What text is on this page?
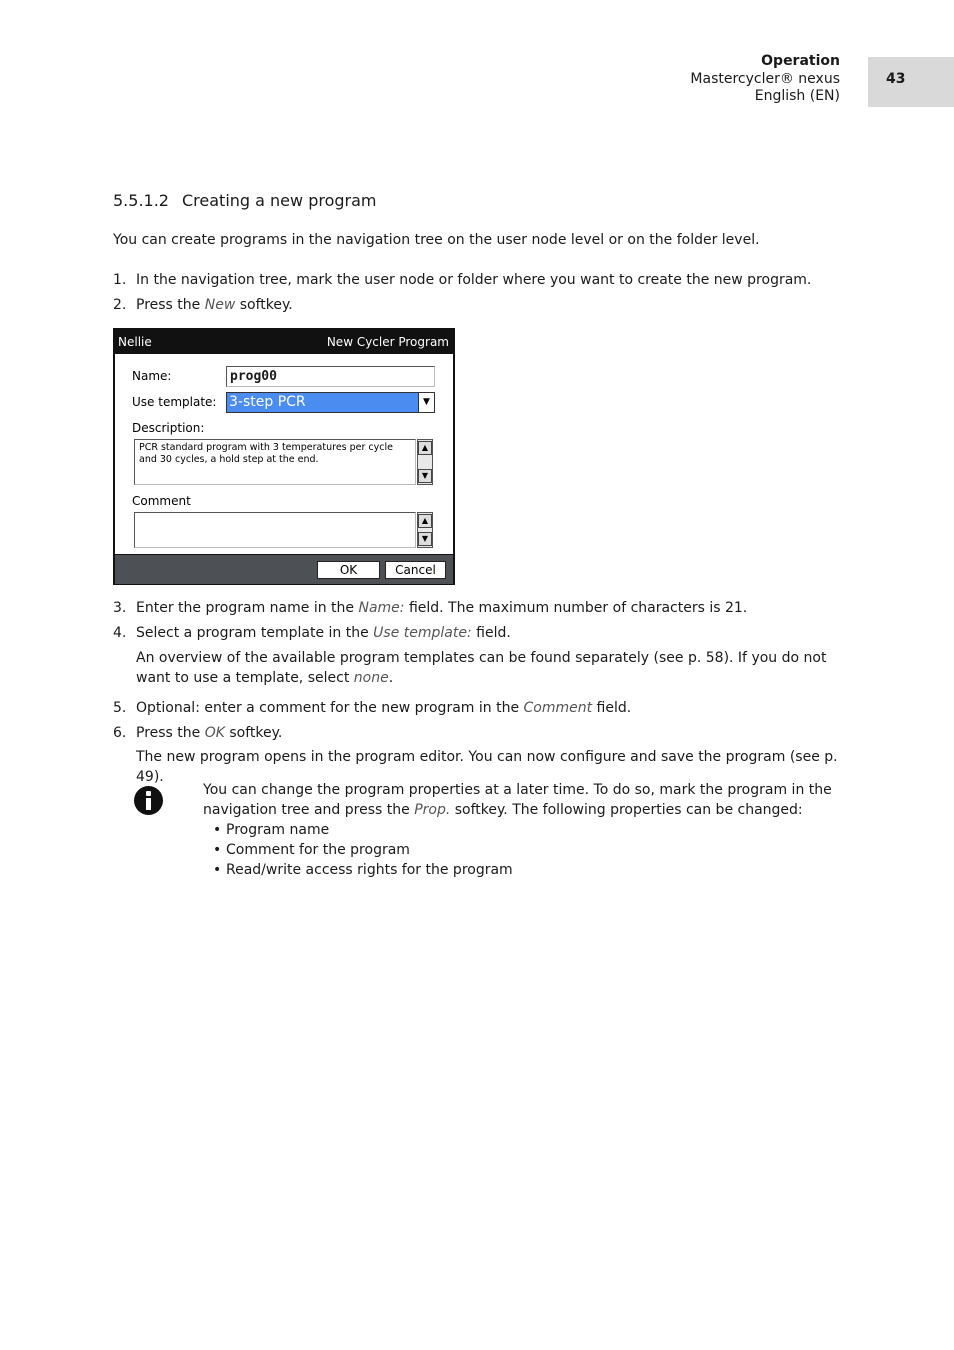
Operation
Mastercycler® nexus
English (EN)
43
5.5.1.2 Creating a new program
You can create programs in the navigation tree on the user node level or on the folder level.
1. In the navigation tree, mark the user node or folder where you want to create the new program.
2. Press the New softkey.
Nellie	New Cycler Program
Name:	prog00
Use template: 3-step PCR	▼
Description:
PCR standard program with 3 temperatures per cycle and 30 cycles, a hold step at the end.
▲
▼
Comment
▲
▼
OK	Cancel
3. Enter the program name in the Name: field. The maximum number of characters is 21.
4. Select a program template in the Use template: field.
An overview of the available program templates can be found separately (see p. 58). If you do not want to use a template, select none.
5. Optional: enter a comment for the new program in the Comment field.
6. Press the OK softkey.
The new program opens in the program editor. You can now configure and save the program (see p. 49).
You can change the program properties at a later time. To do so, mark the program in the navigation tree and press the Prop. softkey. The following properties can be changed:
• Program name
• Comment for the program
• Read/write access rights for the program
